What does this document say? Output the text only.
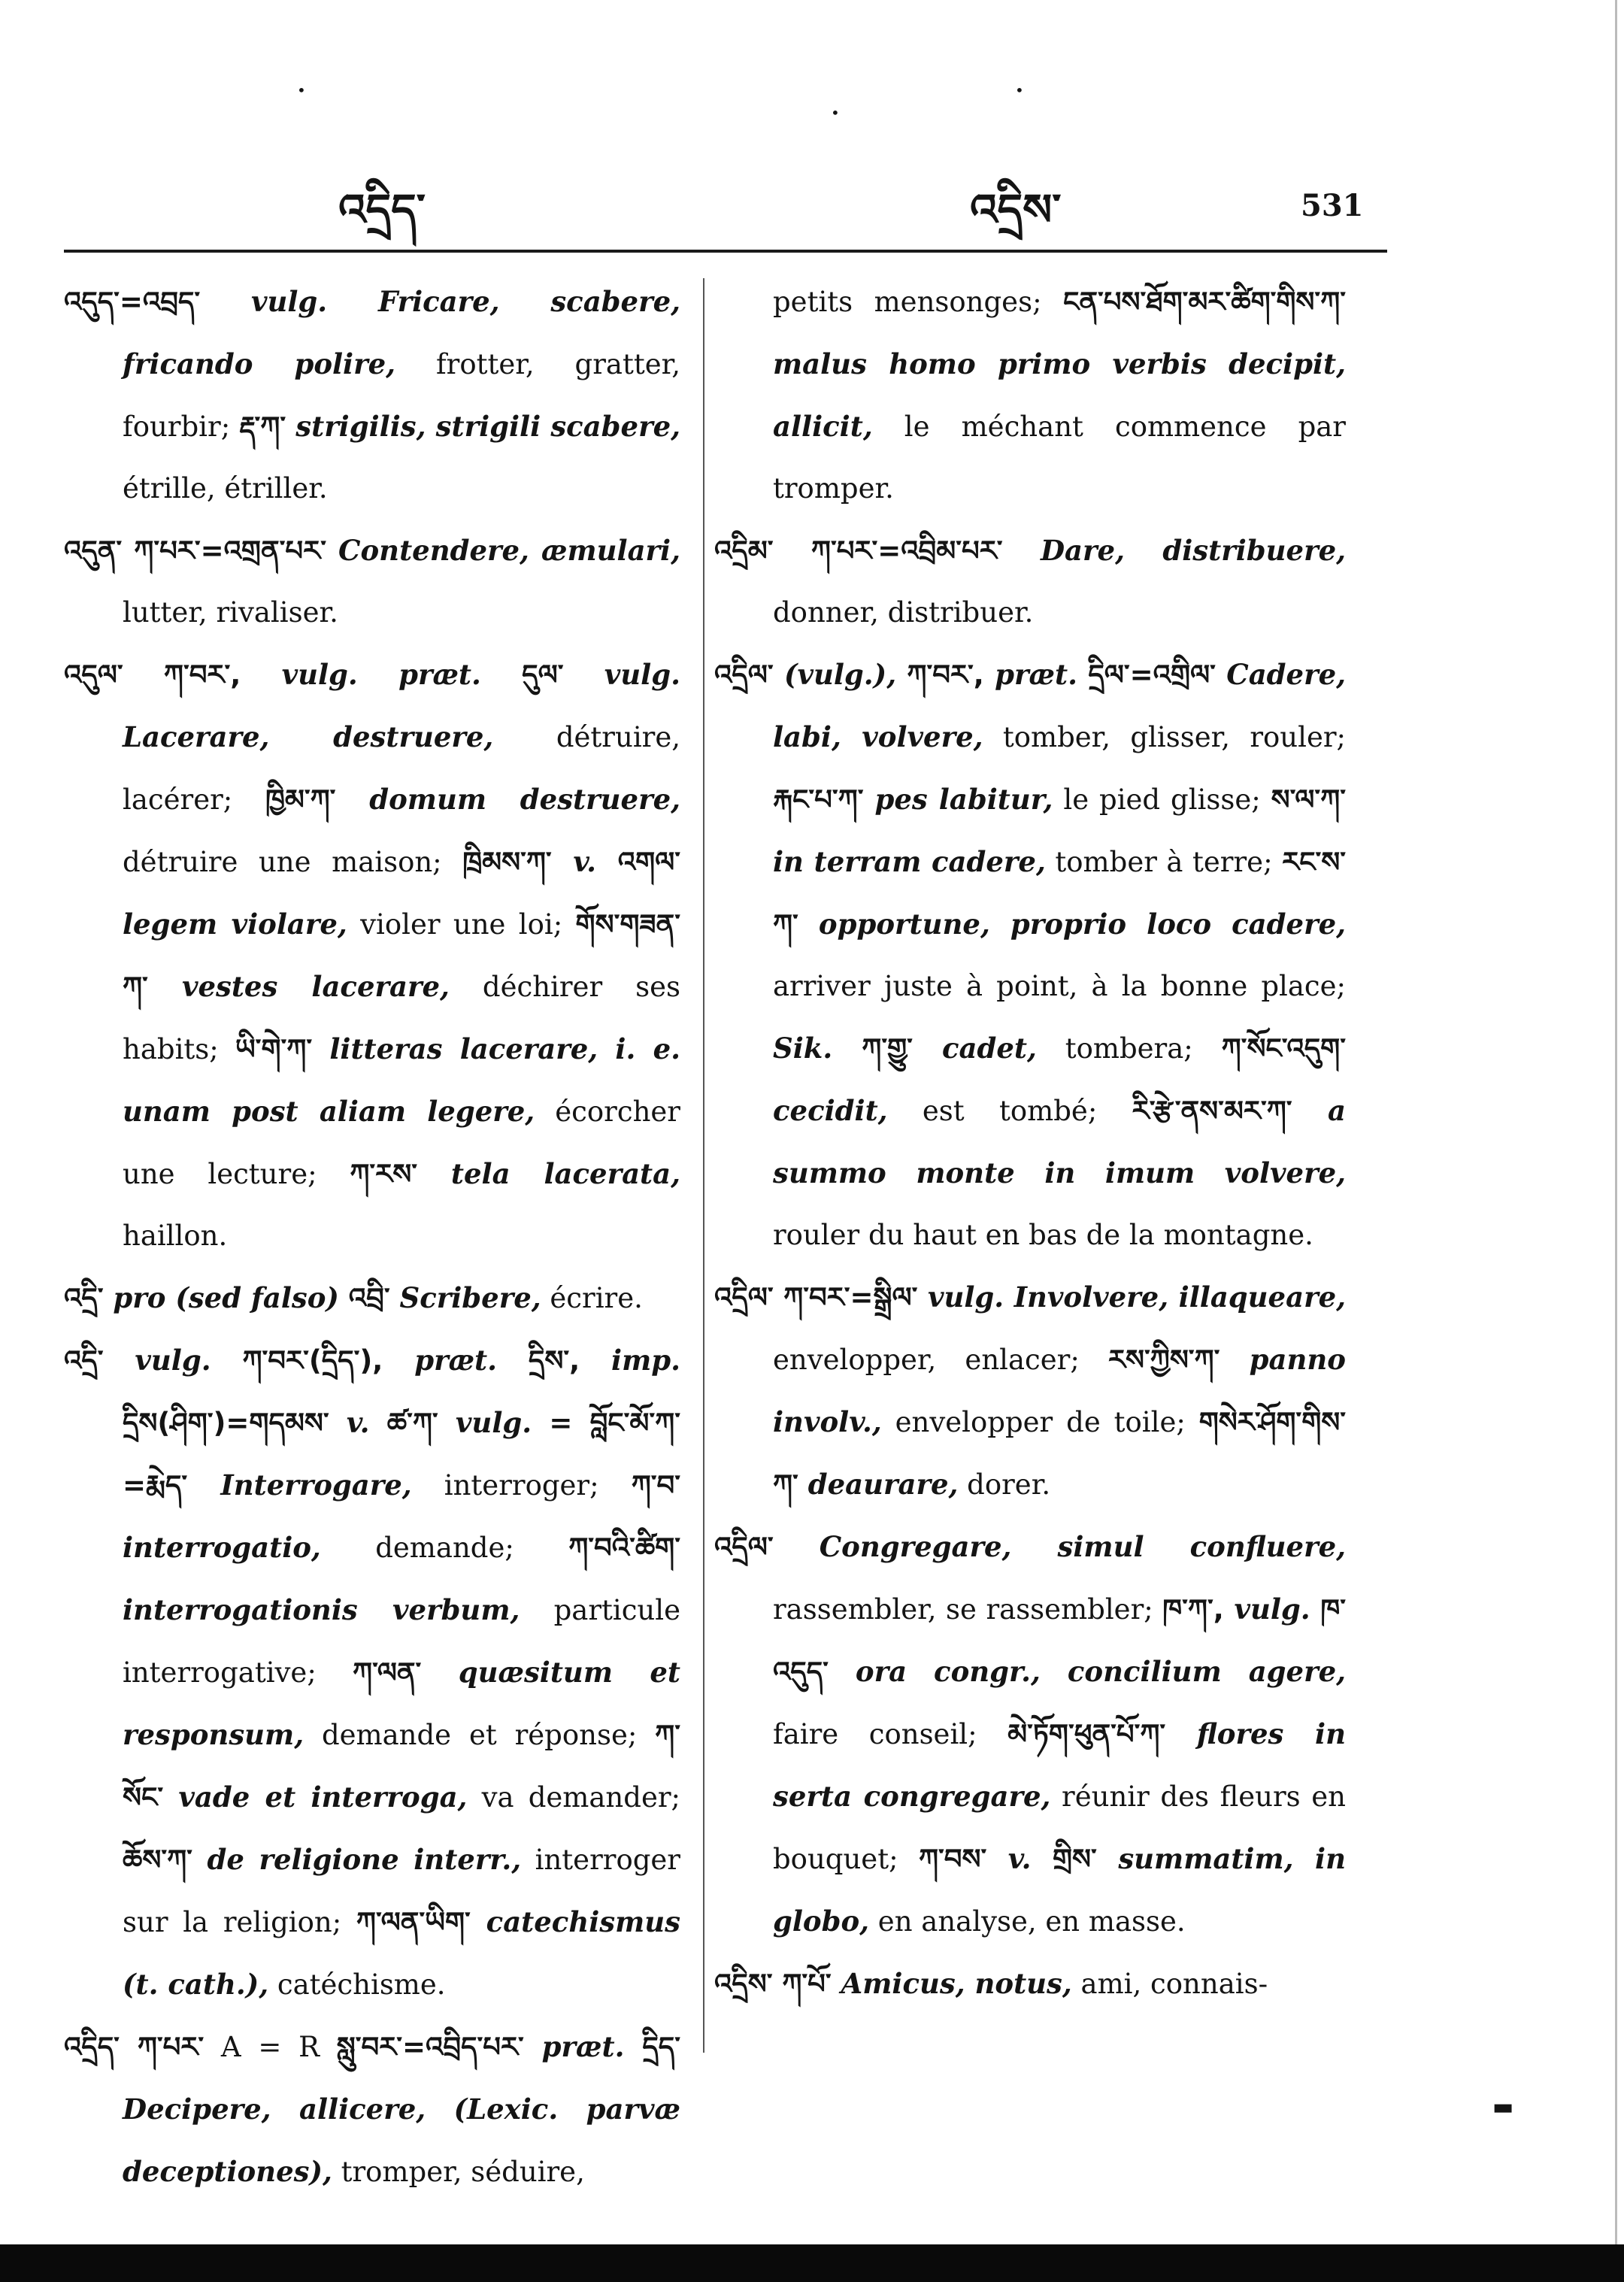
•
•
•
འདྲིད་	འདྲིས་	531
འདུད་=འབྲད་ vulg. Fricare, scabere, fricando polire, frotter, gratter, fourbir; རྡ་ཀ་ strigilis, strigili scabere, étrille, étriller.
འདུན་ ཀ་པར་=འགྲན་པར་ Contendere, æmulari, lutter, rivaliser.
འདུལ་ ཀ་བར་, vulg. præt. དུལ་ vulg. Lacerare, destruere, détruire, lacérer; ཁྱིམ་ཀ་ domum destruere, détruire une maison; ཁྲིམས་ཀ་ v. འགལ་ legem violare, violer une loi; གོས་གཟན་ཀ་ vestes lacerare, déchirer ses habits; ཡི་གེ་ཀ་ litteras lacerare, i. e. unam post aliam legere, écorcher une lecture; ཀ་རས་ tela lacerata, haillon.
འདྲི་ pro (sed falso) འབྲི་ Scribere, écrire.
འདྲི་ vulg. ཀ་བར་(དྲིད་), præt. དྲིས་, imp. དྲིས(ཤིག་)=གདམས་ v. ཚ་ཀ་ vulg. = བློང་མོ་ཀ་=རྨེད་ Interrogare, interroger; ཀ་བ་ interrogatio, demande; ཀ་བའི་ཚིག་ interrogationis verbum, particule interrogative; ཀ་ལན་ quæsitum et responsum, demande et réponse; ཀ་སོང་ vade et interroga, va demander; ཆོས་ཀ་ de religione interr., interroger sur la religion; ཀ་ལན་ཡིག་ catechismus (t. cath.), catéchisme.
འདྲིད་ ཀ་པར་ A = R སླུ་བར་=འབྲིད་པར་ præt. དྲིད་ Decipere, allicere, (Lexic. parvæ deceptiones), tromper, séduire,
petits mensonges; ངན་པས་ཐོག་མར་ཚིག་གིས་ཀ་ malus homo primo verbis decipit, allicit, le méchant commence par tromper.
འདྲིམ་ ཀ་པར་=འབྲིམ་པར་ Dare, distribuere, donner, distribuer.
འདྲིལ་ (vulg.), ཀ་བར་, præt. དྲིལ་=འགྲིལ་ Cadere, labi, volvere, tomber, glisser, rouler; རྐང་པ་ཀ་ pes labitur, le pied glisse; ས་ལ་ཀ་ in terram cadere, tomber à terre; རང་ས་ཀ་ opportune, proprio loco cadere, arriver juste à point, à la bonne place; Sik. ཀ་གྱུ་ cadet, tombera; ཀ་སོང་འདུག་ cecidit, est tombé; རི་རྩེ་ནས་མར་ཀ་ a summo monte in imum volvere, rouler du haut en bas de la montagne.
འདྲིལ་ ཀ་བར་=སྒྲིལ་ vulg. Involvere, illaqueare, envelopper, enlacer; རས་ཀྱིས་ཀ་ panno involv., envelopper de toile; གསེར་ཤོག་གིས་ཀ་ deaurare, dorer.
འདྲིལ་ Congregare, simul confluere, rassembler, se rassembler; ཁ་ཀ་, vulg. ཁ་འདུད་ ora congr., concilium agere, faire conseil; མེ་ཏོག་ཕུན་པོ་ཀ་ flores in serta congregare, réunir des fleurs en bouquet; ཀ་བས་ v. གྲིས་ summatim, in globo, en analyse, en masse.
འདྲིས་ ཀ་པོ་ Amicus, notus, ami, connais-
▬
